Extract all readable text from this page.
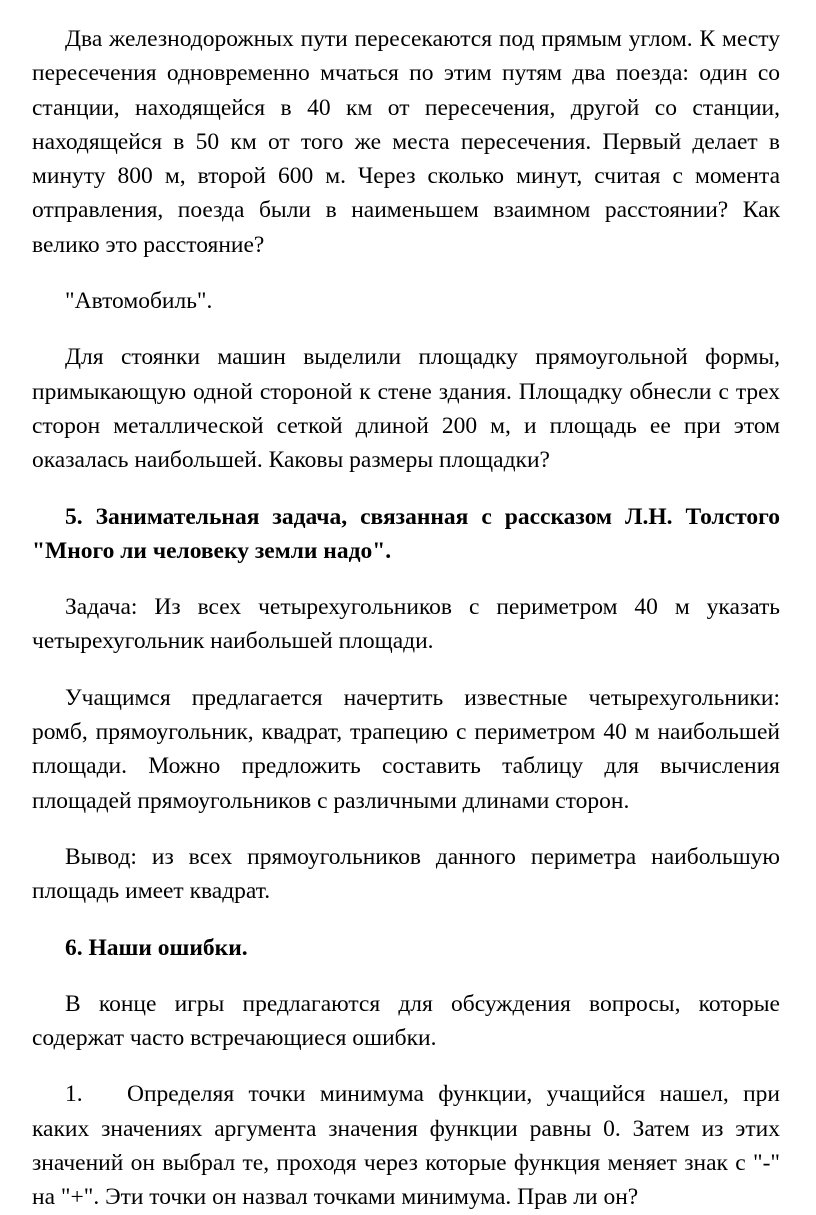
Два железнодорожных пути пересекаются под прямым углом. К месту пересечения одновременно мчаться по этим путям два поезда: один со станции, находящейся в 40 км от пересечения, другой со станции, находящейся в 50 км от того же места пересечения. Первый делает в минуту 800 м, второй 600 м. Через сколько минут, считая с момента отправления, поезда были в наименьшем взаимном расстоянии? Как велико это расстояние?

"Автомобиль".

Для стоянки машин выделили площадку прямоугольной формы, примыкающую одной стороной к стене здания. Площадку обнесли с трех сторон металлической сеткой длиной 200 м, и площадь ее при этом оказалась наибольшей. Каковы размеры площадки?

5. Занимательная задача, связанная с рассказом Л.Н. Толстого "Много ли человеку земли надо".

Задача: Из всех четырехугольников с периметром 40 м указать четырехугольник наибольшей площади.

Учащимся предлагается начертить известные четырехугольники: ромб, прямоугольник, квадрат, трапецию с периметром 40 м наибольшей площади. Можно предложить составить таблицу для вычисления площадей прямоугольников с различными длинами сторон.

Вывод: из всех прямоугольников данного периметра наибольшую площадь имеет квадрат.

6. Наши ошибки.

В конце игры предлагаются для обсуждения вопросы, которые содержат часто встречающиеся ошибки.

1. Определяя точки минимума функции, учащийся нашел, при каких значениях аргумента значения функции равны 0. Затем из этих значений он выбрал те, проходя через которые функция меняет знак с "-" на "+". Эти точки он назвал точками минимума. Прав ли он?
